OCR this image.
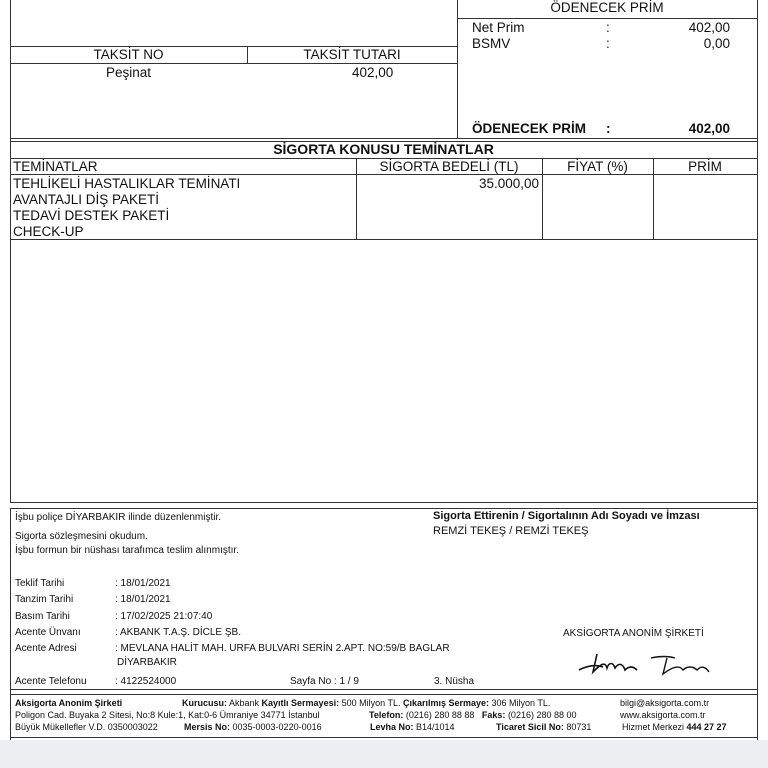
ÖDENECEK PRİM
TAKSİT NO	TAKSİT TUTARI
Peşinat	402,00
Net Prim	:	402,00
BSMV	:	0,00
ÖDENECEK PRİM :	402,00
SİGORTA KONUSU TEMİNATLAR
TEMİNATLAR	SİGORTA BEDELİ (TL)	FİYAT (%)	PRİM
TEHLİKELİ HASTALIKLAR TEMİNATI	35.000,00
AVANTAJLI DİŞ PAKETİ
TEDAVİ DESTEK PAKETİ
CHECK-UP
İşbu poliçe DİYARBAKIR ilinde düzenlenmiştir.
Sigorta sözleşmesini okudum.
İşbu formun bir nüshası tarafımca teslim alınmıştır.
Sigorta Ettirenin / Sigortalının Adı Soyadı ve İmzası
REMZİ TEKEŞ / REMZİ TEKEŞ
Teklif Tarihi	: 18/01/2021
Tanzim Tarihi	: 18/01/2021
Basım Tarihi	: 17/02/2025 21:07:40
Acente Ünvanı	: AKBANK T.A.Ş. DİCLE ŞB.
Acente Adresi	: MEVLANA HALİT MAH. URFA BULVARI SERİN 2.APT. NO:59/B BAGLAR
DİYARBAKIR
Acente Telefonu	: 4122524000	Sayfa No : 1 / 9	3. Nüsha
AKSİGORTA ANONİM ŞİRKETİ
Aksigorta Anonim Şirketi	Kurucusu: Akbank Kayıtlı Sermayesi: 500 Milyon TL. Çıkarılmış Sermaye: 306 Milyon TL.	bilgi@aksigorta.com.tr
Poligon Cad. Buyaka 2 Sitesi, No:8 Kule:1, Kat:0-6 Ümraniye 34771 İstanbul	Telefon: (0216) 280 88 88 Faks: (0216) 280 88 00	www.aksigorta.com.tr
Büyük Mükellefler V.D. 0350003022	Mersis No: 0035-0003-0220-0016	Levha No: B14/1014	Ticaret Sicil No: 80731	Hizmet Merkezi 444 27 27
